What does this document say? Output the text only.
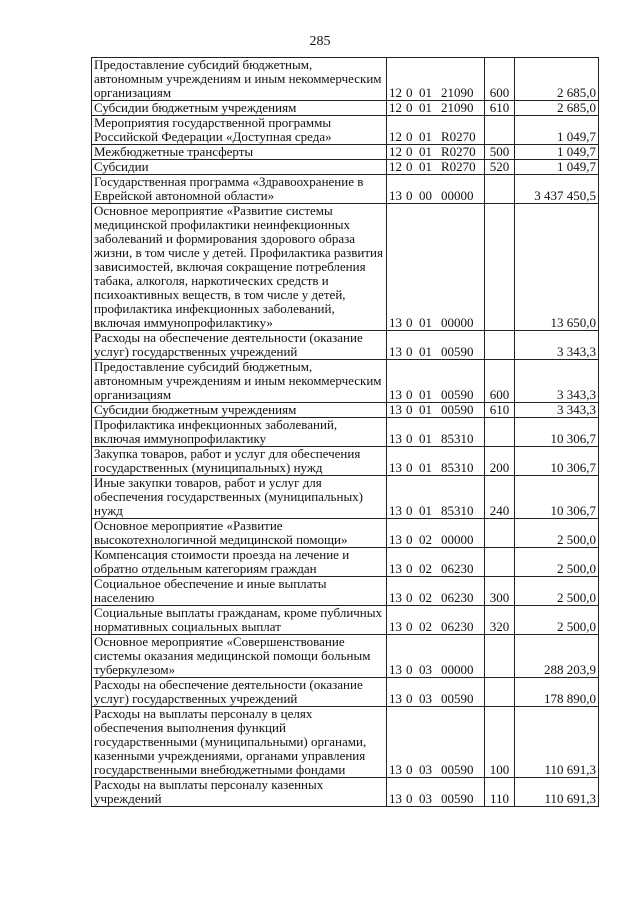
285
Предоставление субсидий бюджетным, автономным учреждениям и иным некоммерческим организациям	12 0 01 21090	600	2 685,0
Субсидии бюджетным учреждениям	12 0 01 21090	610	2 685,0
Мероприятия государственной программы Российской Федерации «Доступная среда»	12 0 01 R0270		1 049,7
Межбюджетные трансферты	12 0 01 R0270	500	1 049,7
Субсидии	12 0 01 R0270	520	1 049,7
Государственная программа «Здравоохранение в Еврейской автономной области»	13 0 00 00000		3 437 450,5
Основное мероприятие «Развитие системы медицинской профилактики неинфекционных заболеваний и формирования здорового образа жизни, в том числе у детей. Профилактика развития зависимостей, включая сокращение потребления табака, алкоголя, наркотических средств и психоактивных веществ, в том числе у детей, профилактика инфекционных заболеваний, включая иммунопрофилактику»	13 0 01 00000		13 650,0
Расходы на обеспечение деятельности (оказание услуг) государственных учреждений	13 0 01 00590		3 343,3
Предоставление субсидий бюджетным, автономным учреждениям и иным некоммерческим организациям	13 0 01 00590	600	3 343,3
Субсидии бюджетным учреждениям	13 0 01 00590	610	3 343,3
Профилактика инфекционных заболеваний, включая иммунопрофилактику	13 0 01 85310		10 306,7
Закупка товаров, работ и услуг для обеспечения государственных (муниципальных) нужд	13 0 01 85310	200	10 306,7
Иные закупки товаров, работ и услуг для обеспечения государственных (муниципальных) нужд	13 0 01 85310	240	10 306,7
Основное мероприятие «Развитие высокотехнологичной медицинской помощи»	13 0 02 00000		2 500,0
Компенсация стоимости проезда на лечение и обратно отдельным категориям граждан	13 0 02 06230		2 500,0
Социальное обеспечение и иные выплаты населению	13 0 02 06230	300	2 500,0
Социальные выплаты гражданам, кроме публичных нормативных социальных выплат	13 0 02 06230	320	2 500,0
Основное мероприятие «Совершенствование системы оказания медицинской помощи больным туберкулезом»	13 0 03 00000		288 203,9
Расходы на обеспечение деятельности (оказание услуг) государственных учреждений	13 0 03 00590		178 890,0
Расходы на выплаты персоналу в целях обеспечения выполнения функций государственными (муниципальными) органами, казенными учреждениями, органами управления государственными внебюджетными фондами	13 0 03 00590	100	110 691,3
Расходы на выплаты персоналу казенных учреждений	13 0 03 00590	110	110 691,3
